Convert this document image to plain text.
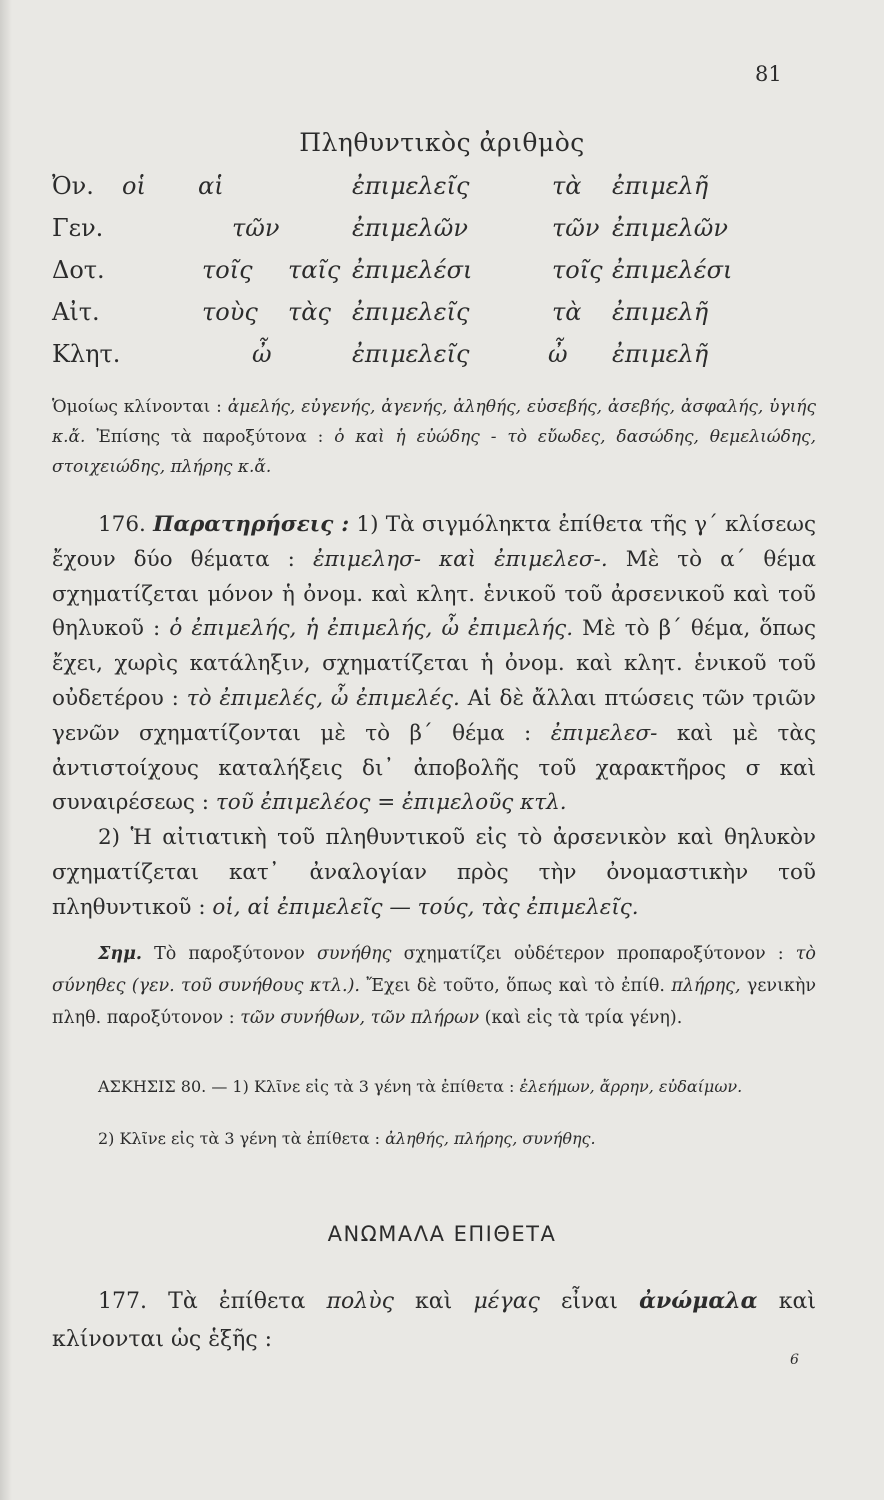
81
Πληθυντικὸς ἀριθμὸς
Ὀν. οἱ αἱ	ἐπιμελεῖς	τὰ ἐπιμελῆ
Γεν.	τῶν	ἐπιμελῶν	τῶν ἐπιμελῶν
Δοτ.	τοῖς ταῖς ἐπιμελέσι	τοῖς ἐπιμελέσι
Αἰτ.	τοὺς τὰς ἐπιμελεῖς	τὰ ἐπιμελῆ
Κλητ.	ὦ	ἐπιμελεῖς	ὦ ἐπιμελῆ
Ὁμοίως κλίνονται : ἀμελής, εὐγενής, ἀγενής, ἀληθής, εὐσεβής, ἀσεβής, ἀσφαλής, ὑγιής κ.ἄ. Ἐπίσης τὰ παροξύτονα : ὁ καὶ ἡ εὐώδης - τὸ εὔωδες, δασώδης, θεμελιώδης, στοιχειώδης, πλήρης κ.ἄ.

176. Παρατηρήσεις : 1) Τὰ σιγμόληκτα ἐπίθετα τῆς γ΄ κλίσεως ἔχουν δύο θέματα : ἐπιμελησ- καὶ ἐπιμελεσ-. Μὲ τὸ α΄ θέμα σχηματίζεται μόνον ἡ ὀνομ. καὶ κλητ. ἑνικοῦ τοῦ ἀρσενικοῦ καὶ τοῦ θηλυκοῦ : ὁ ἐπιμελής, ἡ ἐπιμελής, ὦ ἐπιμελής. Μὲ τὸ β΄ θέμα, ὅπως ἔχει, χωρὶς κατάληξιν, σχηματίζεται ἡ ὀνομ. καὶ κλητ. ἑνικοῦ τοῦ οὐδετέρου : τὸ ἐπιμελές, ὦ ἐπιμελές. Αἱ δὲ ἄλλαι πτώσεις τῶν τριῶν γενῶν σχηματίζονται μὲ τὸ β΄ θέμα : ἐπιμελεσ- καὶ μὲ τὰς ἀντιστοίχους καταλήξεις δι᾿ ἀποβολῆς τοῦ χαρακτῆρος σ καὶ συναιρέσεως : τοῦ ἐπιμελέος = ἐπιμελοῦς κτλ.

2) Ἡ αἰτιατικὴ τοῦ πληθυντικοῦ εἰς τὸ ἀρσενικὸν καὶ θηλυκὸν σχηματίζεται κατ᾿ ἀναλογίαν πρὸς τὴν ὀνομαστικὴν τοῦ πληθυντικοῦ : οἱ, αἱ ἐπιμελεῖς — τούς, τὰς ἐπιμελεῖς.

Σημ. Τὸ παροξύτονον συνήθης σχηματίζει οὐδέτερον προπαροξύτονον : τὸ σύνηθες (γεν. τοῦ συνήθους κτλ.). Ἔχει δὲ τοῦτο, ὅπως καὶ τὸ ἐπίθ. πλήρης, γενικὴν πληθ. παροξύτονον : τῶν συνήθων, τῶν πλήρων (καὶ εἰς τὰ τρία γένη).

ΑΣΚΗΣΙΣ 80. — 1) Κλῖνε εἰς τὰ 3 γένη τὰ ἐπίθετα : ἐλεήμων, ἄρρην, εὐδαίμων.

2) Κλῖνε εἰς τὰ 3 γένη τὰ ἐπίθετα : ἀληθής, πλήρης, συνήθης.

ΑΝΩΜΑΛΑ ΕΠΙΘΕΤΑ

177. Τὰ ἐπίθετα πολὺς καὶ μέγας εἶναι ἀνώμαλα καὶ κλίνονται ὡς ἑξῆς :

6
